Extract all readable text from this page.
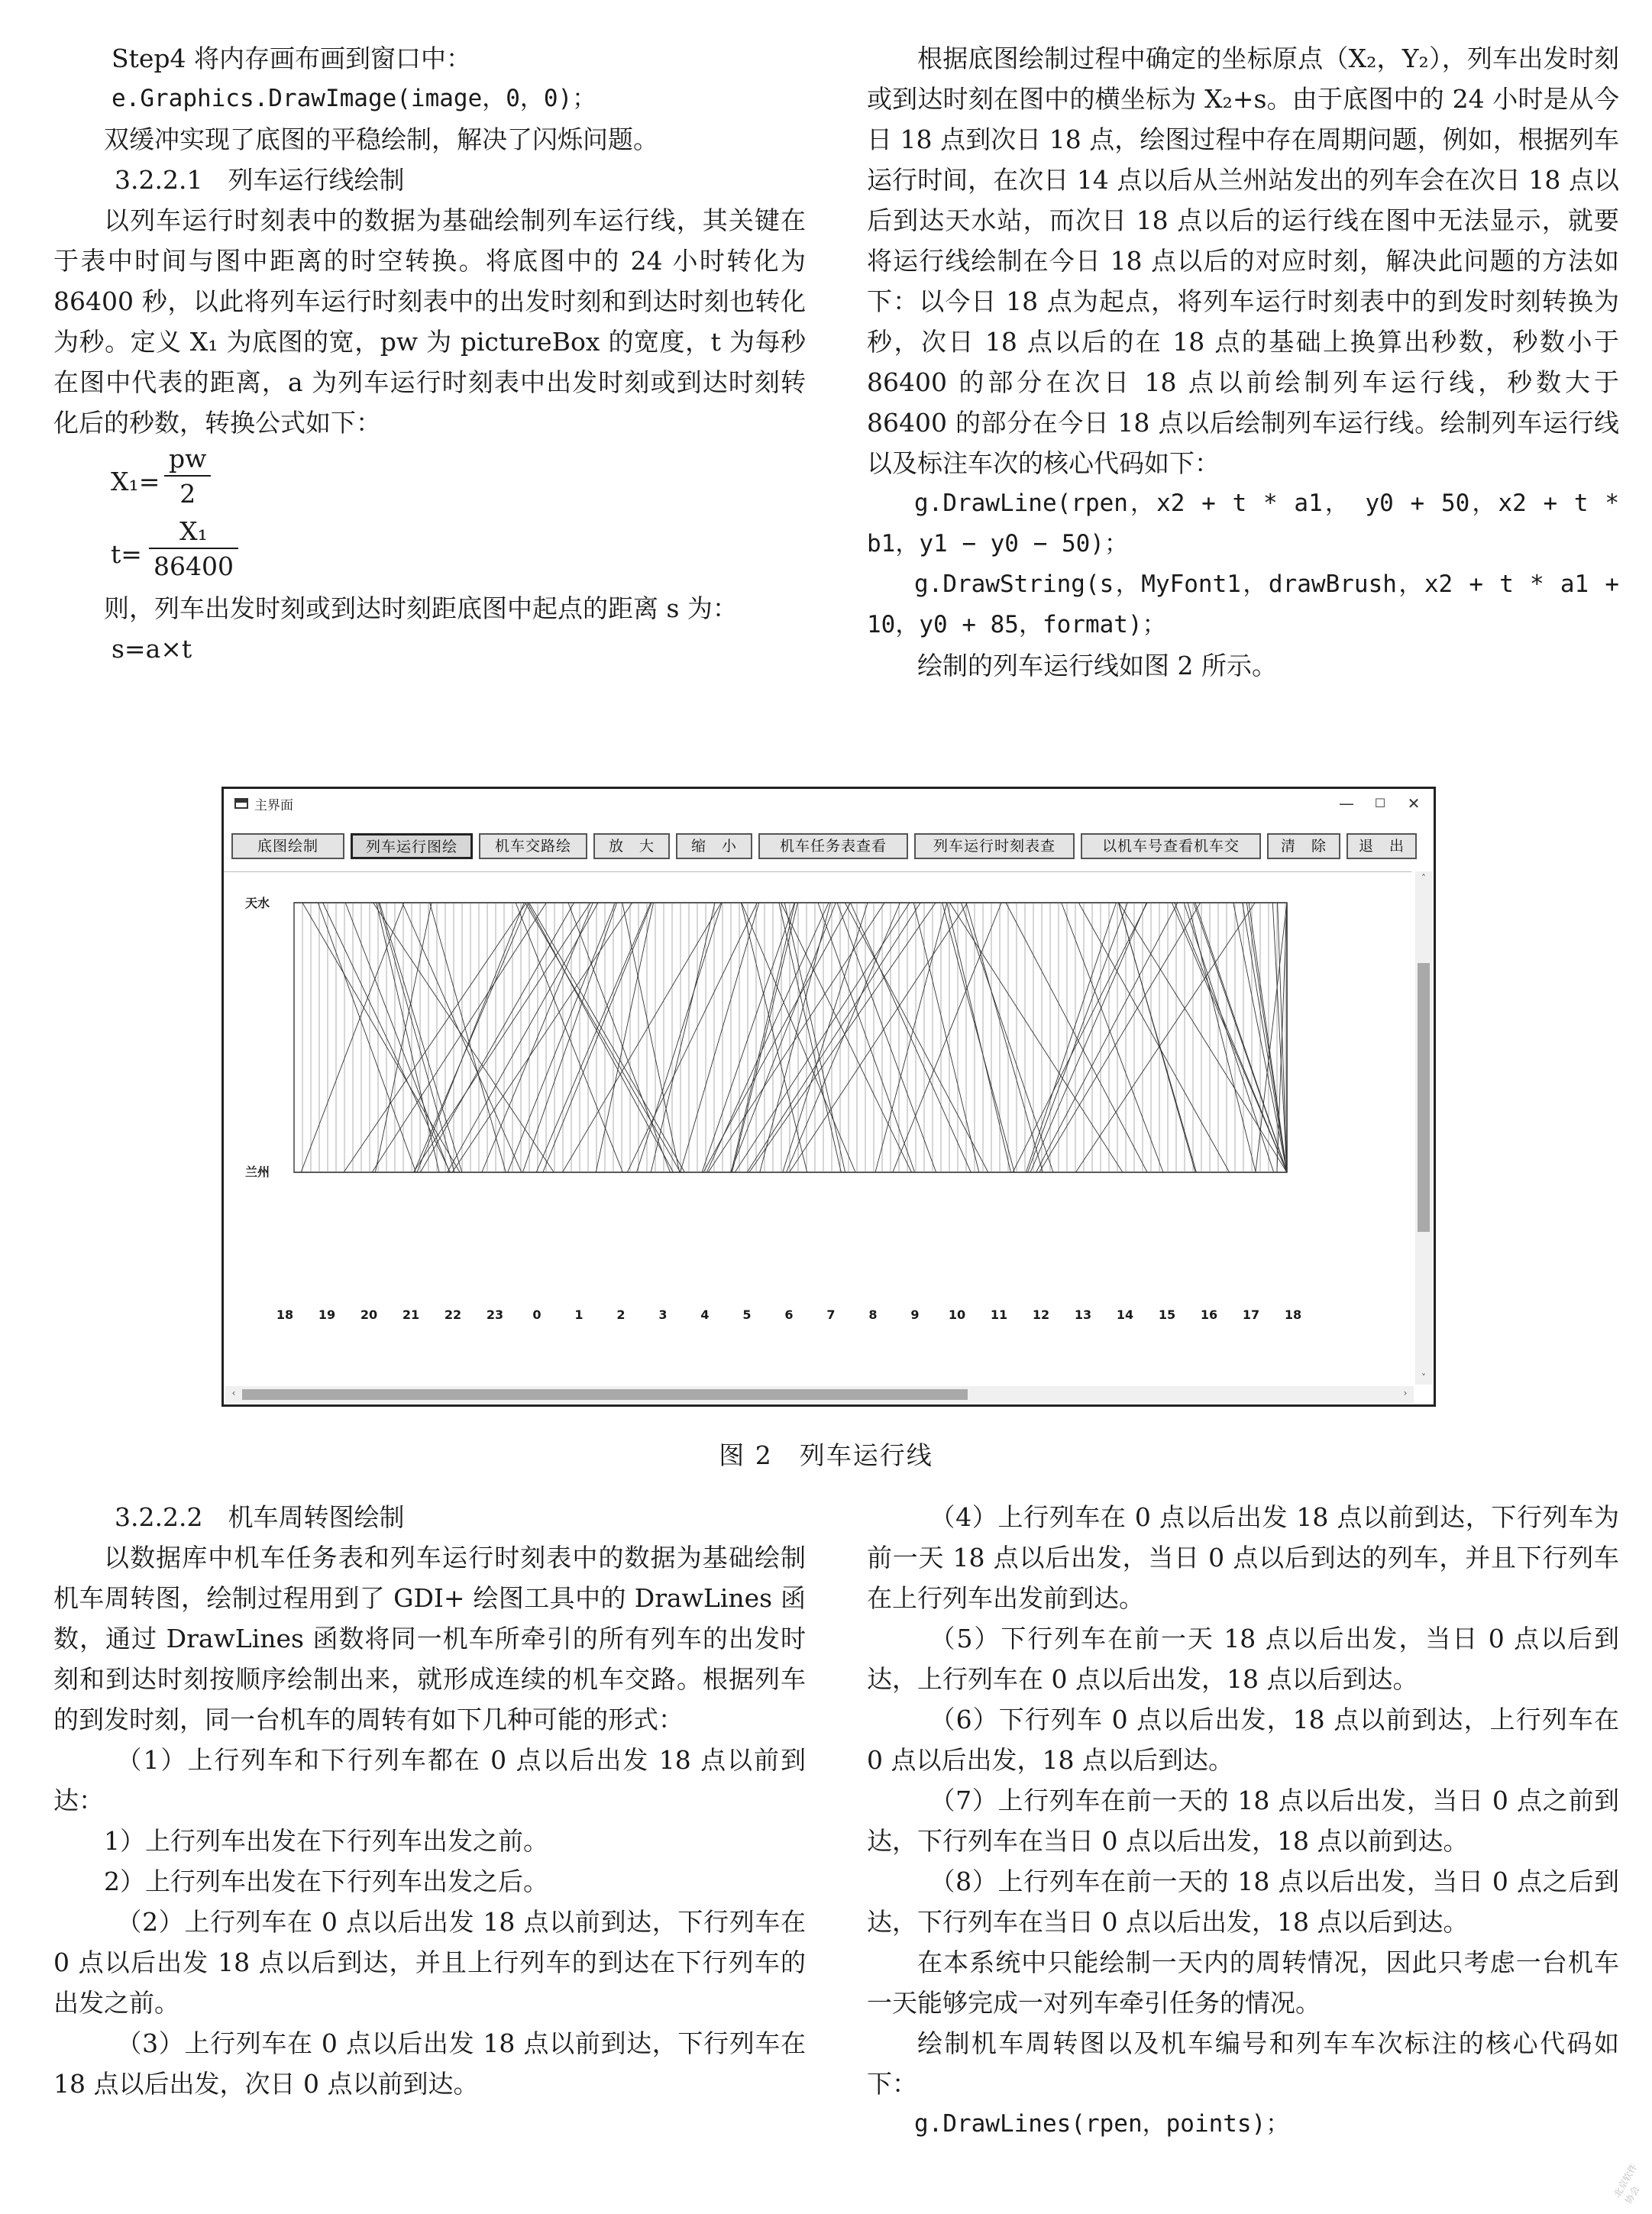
Step4 将内存画布画到窗口中：

e.Graphics.DrawImage(image，0，0)；

双缓冲实现了底图的平稳绘制，解决了闪烁问题。

3.2.2.1　列车运行线绘制

以列车运行时刻表中的数据为基础绘制列车运行线，其关键在于表中时间与图中距离的时空转换。将底图中的 24 小时转化为 86400 秒，以此将列车运行时刻表中的出发时刻和到达时刻也转化为秒。定义 X₁ 为底图的宽，pw 为 pictureBox 的宽度，t 为每秒在图中代表的距离，a 为列车运行时刻表中出发时刻或到达时刻转化后的秒数，转换公式如下：

$X_1= \frac{pw}{2}$
$t= \frac{\text{X₁}}{86400}$

则，列车出发时刻或到达时刻距底图中起点的距离 s 为：

s=a×t

根据底图绘制过程中确定的坐标原点（X₂，Y₂），列车出发时刻或到达时刻在图中的横坐标为 X₂+s。由于底图中的 24 小时是从今日 18 点到次日 18 点，绘图过程中存在周期问题，例如，根据列车运行时间，在次日 14 点以后从兰州站发出的列车会在次日 18 点以后到达天水站，而次日 18 点以后的运行线在图中无法显示，就要将运行线绘制在今日 18 点以后的对应时刻，解决此问题的方法如下：以今日 18 点为起点，将列车运行时刻表中的到发时刻转换为秒，次日 18 点以后的在 18 点的基础上换算出秒数，秒数小于 86400 的部分在次日 18 点以前绘制列车运行线，秒数大于 86400 的部分在今日 18 点以后绘制列车运行线。绘制列车运行线以及标注车次的核心代码如下：

g.DrawLine(rpen，x2 + t * a1，　y0 + 50，x2 + t * b1，y1 − y0 − 50)；

g.DrawString(s，MyFont1，drawBrush，x2 + t * a1 + 10，y0 + 85，format)；

绘制的列车运行线如图 2 所示。

主界面	—	☐	✕
底图绘制	列车运行图绘	机车交路绘	放　大	缩　小	机车任务表查看	列车运行时刻表查	以机车号查看机车交	清　除	退　出
天水
兰州
18 19 20 21 22 23 0	1	2	3	4	5	6	7	8	9 10 11 12 13 14 15 16 17 18
˄
˅
‹	›
图 2　列车运行线

3.2.2.2　机车周转图绘制

以数据库中机车任务表和列车运行时刻表中的数据为基础绘制机车周转图，绘制过程用到了 GDI+ 绘图工具中的 DrawLines 函数，通过 DrawLines 函数将同一机车所牵引的所有列车的出发时刻和到达时刻按顺序绘制出来，就形成连续的机车交路。根据列车的到发时刻，同一台机车的周转有如下几种可能的形式：

（1）上行列车和下行列车都在 0 点以后出发 18 点以前到达：

1）上行列车出发在下行列车出发之前。

2）上行列车出发在下行列车出发之后。

（2）上行列车在 0 点以后出发 18 点以前到达，下行列车在 0 点以后出发 18 点以后到达，并且上行列车的到达在下行列车的出发之前。

（3）上行列车在 0 点以后出发 18 点以前到达，下行列车在 18 点以后出发，次日 0 点以前到达。

（4）上行列车在 0 点以后出发 18 点以前到达，下行列车为前一天 18 点以后出发，当日 0 点以后到达的列车，并且下行列车在上行列车出发前到达。

（5）下行列车在前一天 18 点以后出发，当日 0 点以后到达，上行列车在 0 点以后出发，18 点以后到达。

（6）下行列车 0 点以后出发，18 点以前到达，上行列车在 0 点以后出发，18 点以后到达。

（7）上行列车在前一天的 18 点以后出发，当日 0 点之前到达，下行列车在当日 0 点以后出发，18 点以前到达。

（8）上行列车在前一天的 18 点以后出发，当日 0 点之后到达，下行列车在当日 0 点以后出发，18 点以后到达。

在本系统中只能绘制一天内的周转情况，因此只考虑一台机车一天能够完成一对列车牵引任务的情况。

绘制机车周转图以及机车编号和列车车次标注的核心代码如下：

g.DrawLines(rpen，points)；

北京软件协会
